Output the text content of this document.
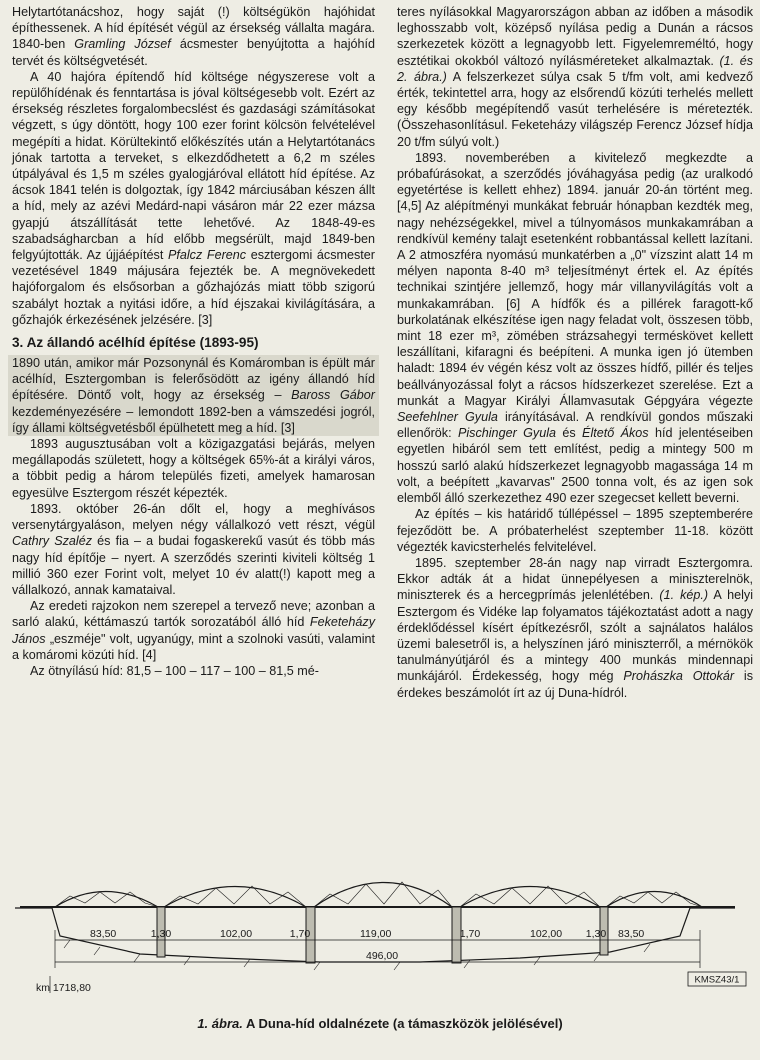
Helytartótanácshoz, hogy saját (!) költségükön hajóhidat építhessenek. A híd építését végül az érsekség vállalta magára. 1840-ben Gramling József ácsmester benyújtotta a hajóhíd tervét és költségvetését.

A 40 hajóra építendő híd költsége négyszerese volt a repülőhídénak és fenntartása is jóval költségesebb volt. Ezért az érsekség részletes forgalombecslést és gazdasági számításokat végzett, s úgy döntött, hogy 100 ezer forint kölcsön felvételével megépíti a hidat. Körültekintő előkészítés után a Helytartótanács jónak tartotta a terveket, s elkezdődhetett a 6,2 m széles útpályával és 1,5 m széles gyalogjáróval ellátott híd építése. Az ácsok 1841 telén is dolgoztak, így 1842 márciusában készen állt a híd, mely az azévi Medárd-napi vásáron már 22 ezer mázsa gyapjú átszállítását tette lehetővé. Az 1848-49-es szabadságharcban a híd előbb megsérült, majd 1849-ben felgyújtották. Az újjáépítést Pfalcz Ferenc esztergomi ácsmester vezetésével 1849 májusára fejezték be. A megnövekedett hajóforgalom és elsősorban a gőzhajózás miatt több szigorú szabályt hoztak a nyitási időre, a híd éjszakai kivilágítására, a gőzhajók érkezésének jelzésére. [3]

3. Az állandó acélhíd építése (1893-95)

1890 után, amikor már Pozsonynál és Komáromban is épült már acélhíd, Esztergomban is felerősödött az igény állandó híd építésére. Döntő volt, hogy az érsekség – Baross Gábor kezdeményezésére – lemondott 1892-ben a vámszedési jogról, így állami költségvetésből épülhetett meg a híd. [3]

1893 augusztusában volt a közigazgatási bejárás, melyen megállapodás született, hogy a költségek 65%-át a királyi város, a többit pedig a három település fizeti, amelyek hamarosan egyesülve Esztergom részét képezték.

1893. október 26-án dőlt el, hogy a meghívásos versenytárgyaláson, melyen négy vállalkozó vett részt, végül Cathry Szaléz és fia – a budai fogaskerekű vasút és több más nagy híd építője – nyert. A szerződés szerinti kiviteli költség 1 millió 360 ezer Forint volt, melyet 10 év alatt(!) kapott meg a vállalkozó, annak kamataival.

Az eredeti rajzokon nem szerepel a tervező neve; azonban a sarló alakú, kéttámaszú tartók sorozatából álló híd Feketeházy János „eszméje" volt, ugyanúgy, mint a szolnoki vasúti, valamint a komáromi közúti híd. [4]

Az ötnyílású híd: 81,5 – 100 – 117 – 100 – 81,5 mé-

teres nyílásokkal Magyarországon abban az időben a második leghosszabb volt, középső nyílása pedig a Dunán a rácsos szerkezetek között a legnagyobb lett. Figyelemreméltó, hogy esztétikai okokból változó nyílásméreteket alkalmaztak. (1. és 2. ábra.) A felszerkezet súlya csak 5 t/fm volt, ami kedvező érték, tekintettel arra, hogy az elsőrendű közúti terhelés mellett egy később megépítendő vasút terhelésére is méretezték. (Összehasonlításul. Feketeházy világszép Ferencz József hídja 20 t/fm súlyú volt.)

1893. novemberében a kivitelező megkezdte a próbafúrásokat, a szerződés jóváhagyása pedig (az uralkodó egyetértése is kellett ehhez) 1894. január 20-án történt meg. [4,5] Az alépítményi munkákat február hónapban kezdték meg, nagy nehézségekkel, mivel a túlnyomásos munkakamrában a rendkívül kemény talajt esetenként robbantással kellett lazítani. A 2 atmoszféra nyomású munkatérben a „0" vízszint alatt 14 m mélyen naponta 8-40 m³ teljesítményt értek el. Az építés technikai szintjére jellemző, hogy már villanyvilágítás volt a munkakamrában. [6] A hídfők és a pillérek faragott-kő burkolatának elkészítése igen nagy feladat volt, összesen több, mint 18 ezer m³, zömében strázsahegyi terméskövet kellett leszállítani, kifaragni és beépíteni. A munka igen jó ütemben haladt: 1894 év végén kész volt az összes hídfő, pillér és teljes beállványozással folyt a rácsos hídszerkezet szerelése. Ezt a munkát a Magyar Királyi Államvasutak Gépgyára végezte Seefehlner Gyula irányításával. A rendkívül gondos műszaki ellenőrök: Pischinger Gyula és Éltető Ákos híd jelentéseiben egyetlen hibáról sem tett említést, pedig a mintegy 500 m hosszú sarló alakú hídszerkezet legnagyobb magassága 14 m volt, a beépített „kavarvas" 2500 tonna volt, és az igen sok elemből álló szerkezethez 490 ezer szegecset kellett beverni.

Az építés – kis határidő túllépéssel – 1895 szeptemberére fejeződött be. A próbaterhelést szeptember 11-18. között végezték kavicsterhelés felvitelével.

1895. szeptember 28-án nagy nap virradt Esztergomra. Ekkor adták át a hidat ünnepélyesen a miniszterelnök, miniszterek és a hercegprímás jelenlétében. (1. kép.) A helyi Esztergom és Vidéke lap folyamatos tájékoztatást adott a nagy érdeklődéssel kísért építkezésről, szólt a sajnálatos halálos üzemi balesetről is, a helyszínen járó miniszterről, a mérnökök tanulmányútjáról és a mintegy 400 munkás mindennapi munkájáról. Érdekesség, hogy még Prohászka Ottokár is érdekes beszámolót írt az új Duna-hídról.

83,50	1,30	102,00	1,70	119,00	1,70	102,00 1,30 83,50
496,00
km 1718,80
KMSZ43/1
1. ábra. A Duna-híd oldalnézete (a támaszközök jelölésével)
